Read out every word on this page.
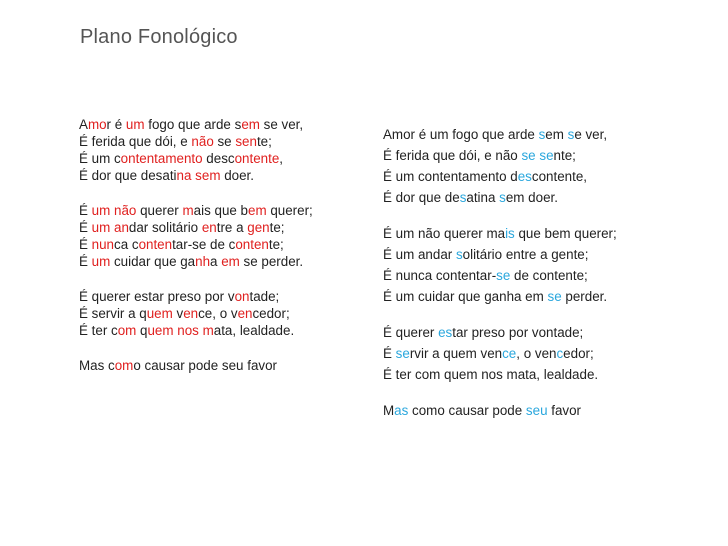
Plano Fonológico
Amor é um fogo que arde sem se ver,
É ferida que dói, e não se sente;
É um contentamento descontente,
É dor que desatina sem doer.
É um não querer mais que bem querer;
É um andar solitário entre a gente;
É nunca contentar-se de contente;
É um cuidar que ganha em se perder.
É querer estar preso por vontade;
É servir a quem vence, o vencedor;
É ter com quem nos mata, lealdade.
Mas como causar pode seu favor
Amor é um fogo que arde sem se ver,
É ferida que dói, e não se sente;
É um contentamento descontente,
É dor que desatina sem doer.
É um não querer mais que bem querer;
É um andar solitário entre a gente;
É nunca contentar-se de contente;
É um cuidar que ganha em se perder.
É querer estar preso por vontade;
É servir a quem vence, o vencedor;
É ter com quem nos mata, lealdade.
Mas como causar pode seu favor
